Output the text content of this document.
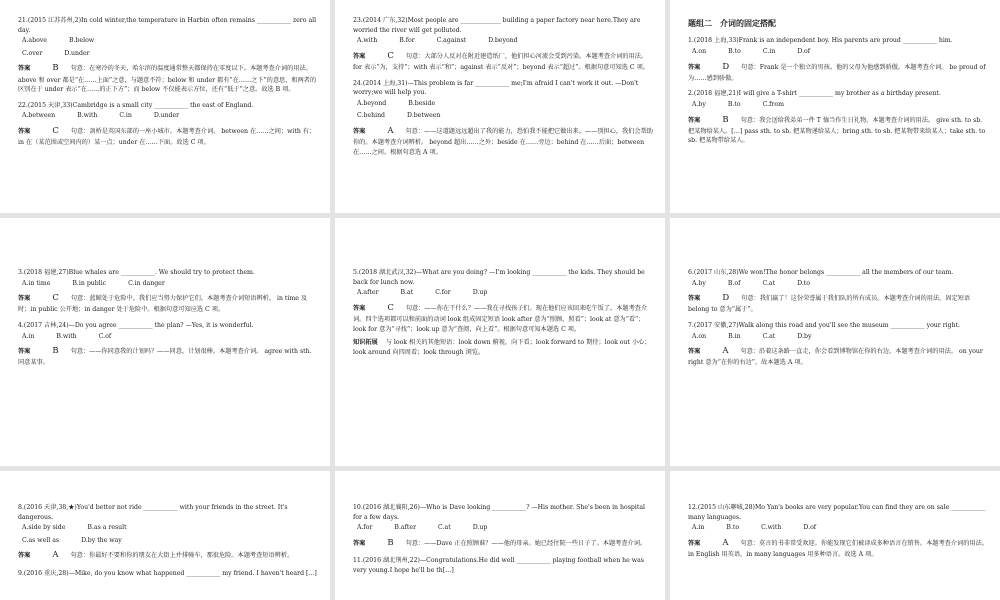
21.(2015 江苏苏州,2)In cold winter,the temperature in Harbin often remains ___________ zero all day.
A.above	B.below
C.over	D.under
答案	B 句意：在寒冷的冬天，哈尔滨的温度通常整天都保持在零度以下。本题考查介词的用法。 above 和 over 都是“在……上面”之意，与题意不符；below 和 under 都有“在……之下”的意思，和两者的区别在于 under 表示“在……的正下方”；而 below 不仅能表示方位，还有“低于”之意。故选 B 项。
22.(2015 天津,33)Cambridge is a small city ___________ the east of England.
A.between	B.with	C.in	D.under
答案	C 句意：剑桥是英国东部的一座小城市。本题考查介词。 between 在……之间；with 有；in 在（某范围或空间内的）某一点；under 在……下面。故选 C 项。
23.(2014 广东,32)Most people are _____________ building a paper factory near here.They are worried the river will get polluted.
A.with	B.for	C.against	D.beyond
答案	C 句意：大部分人反对在附近建造纸厂，他们担心河流会受到污染。本题考查介词的用法。 for 表示“为，支持”；with 表示“和”；against 表示“反对”；beyond 表示“超过”。根据句意可知选 C 项。
24.(2014 上海,31)—This problem is far ___________ me;I'm afraid I can't work it out. —Don't worry;we will help you.
A.beyond	B.beside
C.behind	D.between
答案	A 句意：——这道题远远超出了我的能力，恐怕我不能把它做出来。——别担心，我们会帮助你的。本题考查介词辨析。 beyond 超出……之外；beside 在……旁边；behind 在……后面；between 在……之间。根据句意选 A 项。
题组二　介词的固定搭配
1.(2018 上海,33)Frank is an independent boy. His parents are proud ___________ him.
A.on	B.to	C.in	D.of
答案	D 句意：Frank 是一个独立的男孩。他的父母为他感到骄傲。本题考查介词。 be proud of 为……感到骄傲。
2.(2018 福建,21)I will give a T-shirt ___________ my brother as a birthday present.
A.by	B.to	C.from
答案	B 句意：我会送给我弟弟一件 T 恤当作生日礼物。本题考查介词的用法。 give sth. to sb. 把某物给某人。[…] pass sth. to sb. 把某物递给某人；bring sth. to sb. 把某物带来给某人；take sth. to sb. 把某物带给某人。
3.(2018 福建,27)Blue whales are ___________. We should try to protect them.
A.in time	B.in public	C.in danger
答案	C 句意：蓝鲸处于危险中。我们应当努力保护它们。本题考查介词短语辨析。 in time 及时；in public 公开地；in danger 处于危险中。根据句意可知应选 C 项。
4.(2017 吉林,24)—Do you agree ___________ the plan? —Yes, it is wonderful.
A.in	B.with	C.of
答案	B 句意：——你同意我的计划吗？——同意，计划很棒。本题考查介词。 agree with sth. 同意某事。
5.(2018 湖北武汉,32)—What are you doing? —I'm looking ___________ the kids. They should be back for lunch now.
A.after	B.at	C.for	D.up
答案	C 句意：——你在干什么？——我在寻找孩子们。现在他们应该回来吃午饭了。本题考查介词。四个选项都可以和前面的动词 look 组成固定短语 look after 意为“照顾，照看”；look at 意为“看”；look for 意为“寻找”；look up 意为“查阅，向上看”。根据句意可知本题选 C 项。
知识拓展 与 look 相关的其他短语：look down 俯视，向下看；look forward to 期待；look out 小心；look around 向四周看；look through 浏览。
6.(2017 山东,28)We won!The honor belongs ___________ all the members of our team.
A.by	B.of	C.at	D.to
答案	D 句意：我们赢了！这份荣誉属于我们队的所有成员。本题考查介词的用法。固定短语 belong to 意为“属于”。
7.(2017 安徽,27)Walk along this road and you'll see the museum ___________ your right.
A.on	B.in	C.at	D.by
答案	A 句意：沿着这条路一直走，你会看到博物馆在你的右边。本题考查介词的用法。 on your right 意为“在你的右边”，故本题选 A 项。
8.(2016 天津,38,★)You'd better not ride ___________ with your friends in the street. It's dangerous.
A.side by side	B.as a result
C.as well as	D.by the way
答案	A 句意：你最好不要和你的朋友在大街上并排骑车，那很危险。本题考查短语辨析。
9.(2016 重庆,28)—Mike, do you know what happened ___________ my friend. I haven't heard [...]
10.(2016 湖北襄阳,26)—Who is Dave looking ___________? —His mother. She's been in hospital for a few days.
A.for	B.after	C.at	D.up
答案	B 句意：——Dave 正在照顾谁？——他的母亲。她已经住院一些日子了。本题考查介词。
11.(2016 湖北荆州,22)—Congratulations.He did well ___________ playing football when he was very young.I hope he'll be th[…]
12.(2015 山东聊城,28)Mo Yan's books are very popular.You can find they are on sale ___________ many languages.
A.in	B.to	C.with	D.of
答案	A 句意：莫言的书非常受欢迎。你能发现它们被译成多种语言在销售。本题考查介词的用法。 in English 用英语，in many languages 用多种语言。故选 A 项。
